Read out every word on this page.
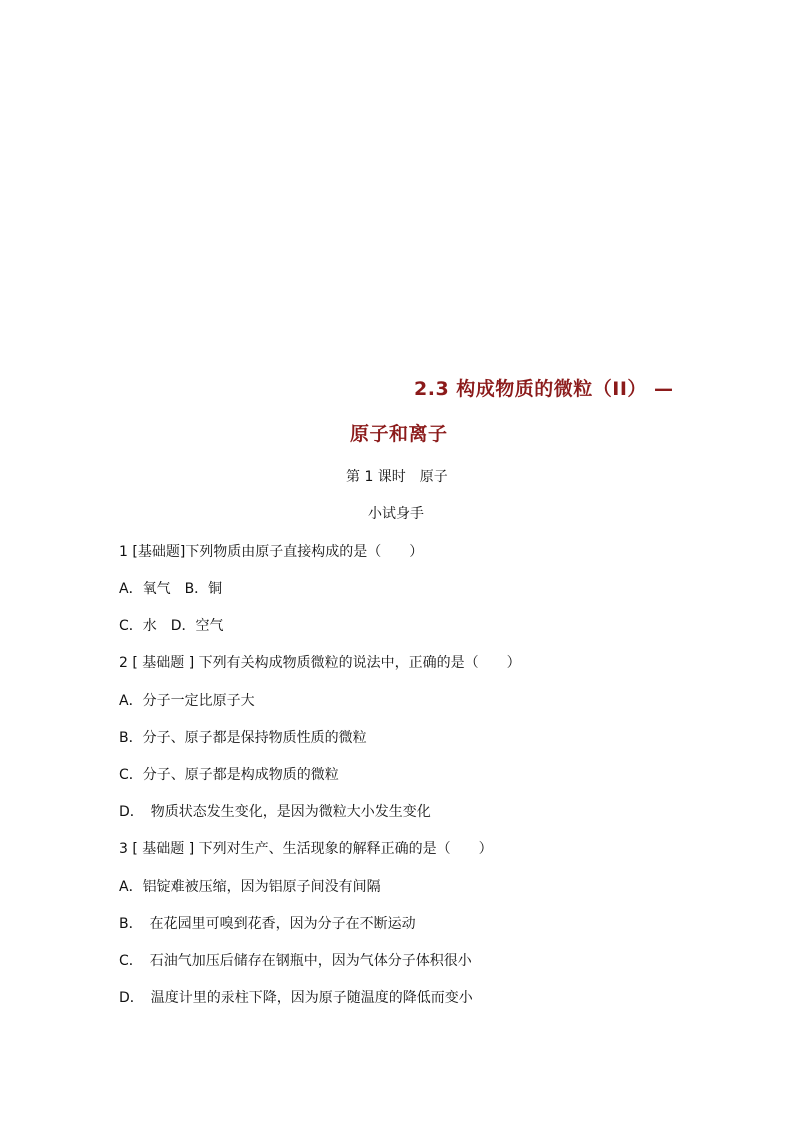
2.3 构成物质的微粒（II） —
原子和离子
第 1 课时　原子
小试身手
1 [基础题]下列物质由原子直接构成的是（　　）
A．氧气　B．铜
C．水　D．空气
2 [ 基础题 ] 下列有关构成物质微粒的说法中，正确的是（　　）
A．分子一定比原子大
B．分子、原子都是保持物质性质的微粒
C．分子、原子都是构成物质的微粒
D．　物质状态发生变化，是因为微粒大小发生变化
3 [ 基础题 ] 下列对生产、生活现象的解释正确的是（　　）
A．铝锭难被压缩，因为铝原子间没有间隔
B．　在花园里可嗅到花香，因为分子在不断运动
C．　石油气加压后储存在钢瓶中，因为气体分子体积很小
D．　温度计里的汞柱下降，因为原子随温度的降低而变小
